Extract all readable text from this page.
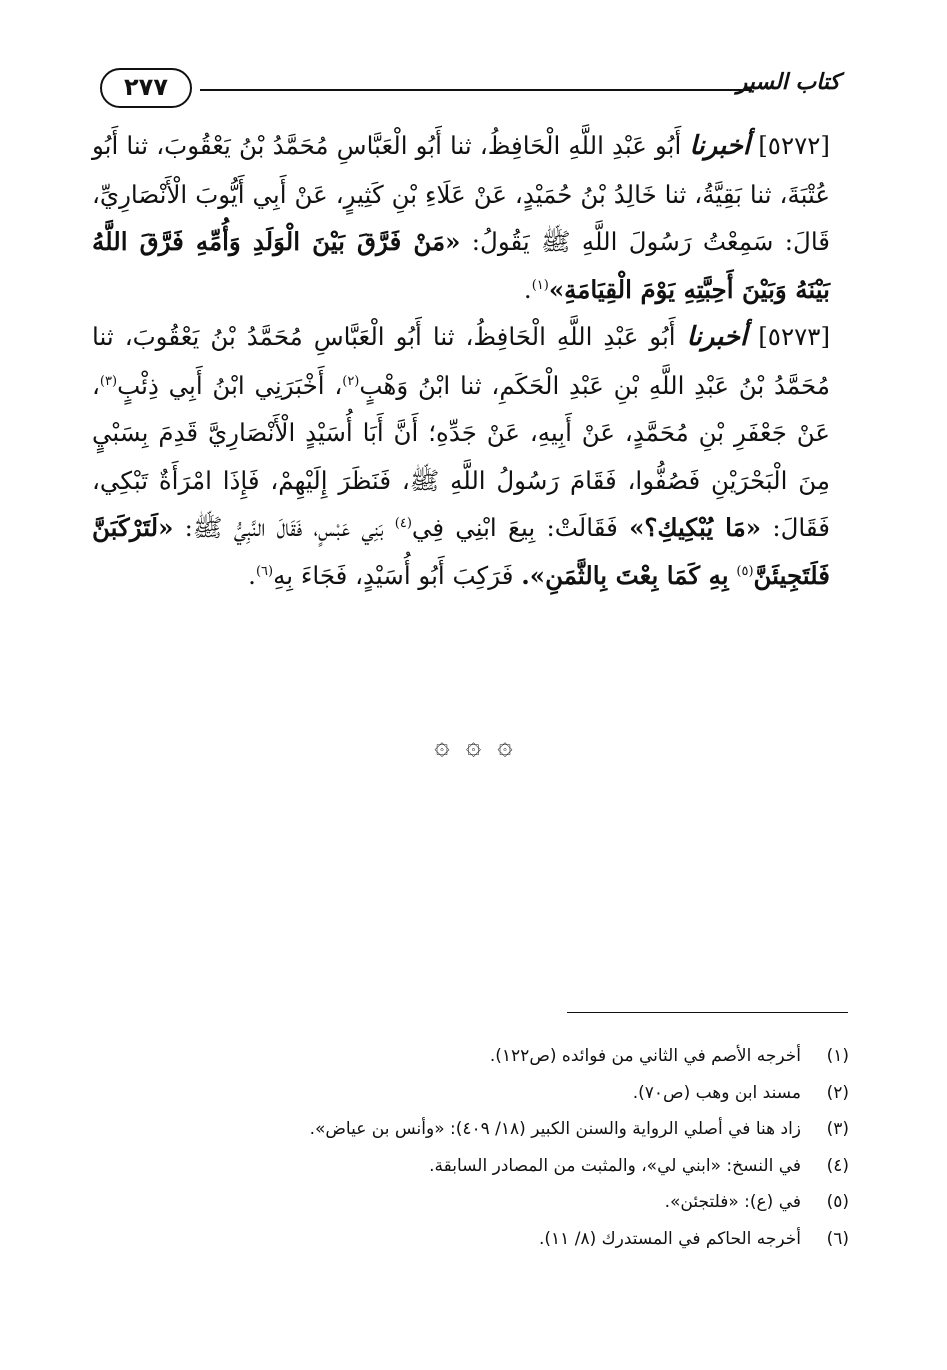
كتاب السير
٢٧٧

[٥٢٧٢] أخبرنا أَبُو عَبْدِ اللَّهِ الْحَافِظُ، ثنا أَبُو الْعَبَّاسِ مُحَمَّدُ بْنُ يَعْقُوبَ، ثنا أَبُو عُتْبَةَ، ثنا بَقِيَّةُ، ثنا خَالِدُ بْنُ حُمَيْدٍ، عَنْ عَلَاءِ بْنِ كَثِيرٍ، عَنْ أَبِي أَيُّوبَ الْأَنْصَارِيِّ، قَالَ: سَمِعْتُ رَسُولَ اللَّهِ ﷺ يَقُولُ: «مَنْ فَرَّقَ بَيْنَ الْوَلَدِ وَأُمِّهِ فَرَّقَ اللَّهُ بَيْنَهُ وَبَيْنَ أَحِبَّتِهِ يَوْمَ الْقِيَامَةِ»$^{(١)}$.

[٥٢٧٣] أخبرنا أَبُو عَبْدِ اللَّهِ الْحَافِظُ، ثنا أَبُو الْعَبَّاسِ مُحَمَّدُ بْنُ يَعْقُوبَ، ثنا مُحَمَّدُ بْنُ عَبْدِ اللَّهِ بْنِ عَبْدِ الْحَكَمِ، ثنا ابْنُ وَهْبٍ$^{(٢)}$، أَخْبَرَنِي ابْنُ أَبِي ذِئْبٍ$^{(٣)}$، عَنْ جَعْفَرِ بْنِ مُحَمَّدٍ، عَنْ أَبِيهِ، عَنْ جَدِّهِ؛ أَنَّ أَبَا أُسَيْدٍ الْأَنْصَارِيَّ قَدِمَ بِسَبْيٍ مِنَ الْبَحْرَيْنِ فَصُفُّوا، فَقَامَ رَسُولُ اللَّهِ ﷺ، فَنَظَرَ إِلَيْهِمْ، فَإِذَا امْرَأَةٌ تَبْكِي، فَقَالَ: «مَا يُبْكِيكِ؟» فَقَالَتْ: بِيعَ ابْنِي فِي$^{(٤)}$ بَنِي عَبْسٍ، فَقَالَ النَّبِيُّ ﷺ: «لَتَرْكَبَنَّ فَلَتَجِيئَنَّ$^{(٥)}$ بِهِ كَمَا بِعْتَ بِالثَّمَنِ». فَرَكِبَ أَبُو أُسَيْدٍ، فَجَاءَ بِهِ$^{(٦)}$.

۞ ۞ ۞
(١)أخرجه الأصم في الثاني من فوائده (ص١٢٢).
(٢)مسند ابن وهب (ص٧٠).
(٣)زاد هنا في أصلي الرواية والسنن الكبير (١٨/ ٤٠٩): «وأنس بن عياض».
(٤)في النسخ: «ابني لي»، والمثبت من المصادر السابقة.
(٥)في (ع): «فلتجئن».
(٦)أخرجه الحاكم في المستدرك (٨/ ١١).
